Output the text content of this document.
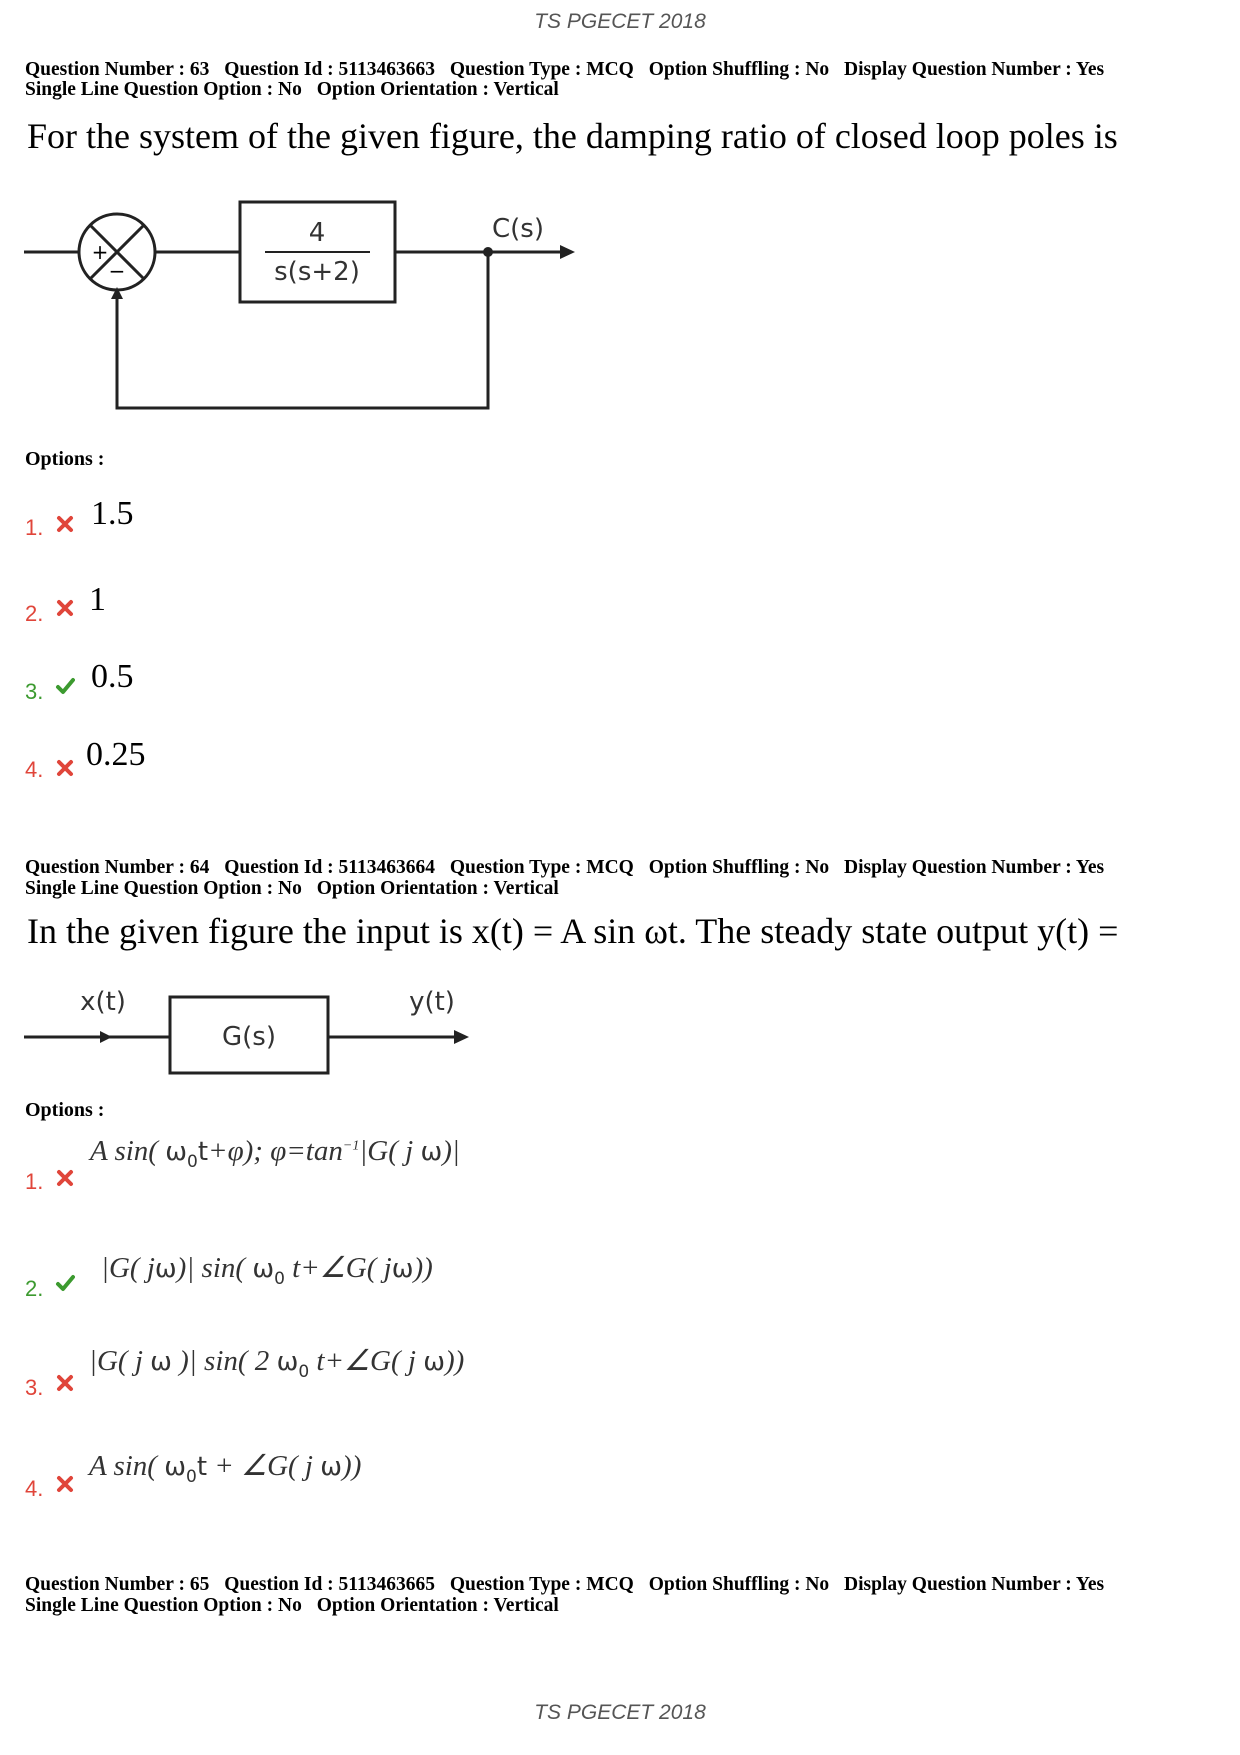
TS PGECET 2018
Question Number : 63 Question Id : 5113463663 Question Type : MCQ Option Shuffling : No Display Question Number : Yes
Single Line Question Option : No Option Orientation : Vertical
For the system of the given figure, the damping ratio of closed loop poles is
+
−
4
s(s+2)
C(s)
Options :
1. 1.5
2. 1
3. 0.5
4. 0.25
Question Number : 64 Question Id : 5113463664 Question Type : MCQ Option Shuffling : No Display Question Number : Yes
Single Line Question Option : No Option Orientation : Vertical
In the given figure the input is x(t) = A sin ωt. The steady state output y(t) =
x(t)
G(s)
y(t)
Options :
1.
A sin( $\omega_0t+\varphi$); $\varphi=\tan^{-1}|G$( j ω)|
2.
|G( jω)| sin( $\omega_0$ t+∠G( jω))
3.
|G( j ω )| sin( 2 $\omega_0$ t+∠G( j ω))
4.
A sin( $\omega_0t$ + ∠G( j ω))
Question Number : 65 Question Id : 5113463665 Question Type : MCQ Option Shuffling : No Display Question Number : Yes
Single Line Question Option : No Option Orientation : Vertical
TS PGECET 2018
